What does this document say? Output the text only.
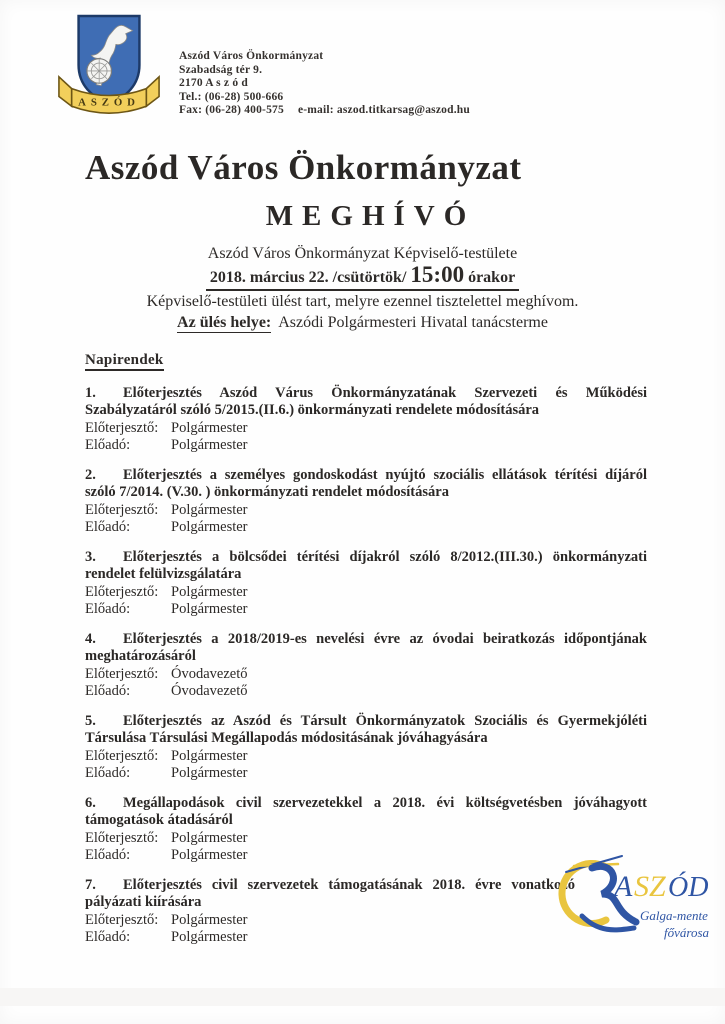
ASZÓD
Aszód Város Önkormányzat
Szabadság tér 9.
2170 A s z ó d
Tel.: (06-28) 500-666
Fax: (06-28) 400-575 e-mail: aszod.titkarsag@aszod.hu
Aszód Város Önkormányzat
MEGHÍVÓ
Aszód Város Önkormányzat Képviselő-testülete
2018. március 22. /csütörtök/ 15:00 órakor
Képviselő-testületi ülést tart, melyre ezennel tisztelettel meghívom.
Az ülés helye: Aszódi Polgármesteri Hivatal tanácsterme
Napirendek
1. Előterjesztés Aszód Várus Önkormányzatának Szervezeti és Működési Szabályzatáról szóló 5/2015.(II.6.) önkormányzati rendelete módosítására
Előterjesztő: Polgármester
Előadó:	Polgármester
2. Előterjesztés a személyes gondoskodást nyújtó szociális ellátások térítési díjáról szóló 7/2014. (V.30. ) önkormányzati rendelet módosítására
Előterjesztő: Polgármester
Előadó:	Polgármester
3. Előterjesztés a bölcsődei térítési díjakról szóló 8/2012.(III.30.) önkormányzati rendelet felülvizsgálatára
Előterjesztő: Polgármester
Előadó:	Polgármester
4. Előterjesztés a 2018/2019-es nevelési évre az óvodai beiratkozás időpontjának meghatározásáról
Előterjesztő: Óvodavezető
Előadó:	Óvodavezető
5. Előterjesztés az Aszód és Társult Önkormányzatok Szociális és Gyermekjóléti Társulása Társulási Megállapodás módositásának jóváhagyására
Előterjesztő: Polgármester
Előadó:	Polgármester
6. Megállapodások civil szervezetekkel a 2018. évi költségvetésben jóváhagyott támogatások átadásáról
Előterjesztő: Polgármester
Előadó:	Polgármester
7. Előterjesztés civil szervezetek támogatásának 2018. évre vonatkozó pályázati kiírására
Előterjesztő: Polgármester
Előadó:	Polgármester
A SZ ÓD
Galga-mente
fővárosa
